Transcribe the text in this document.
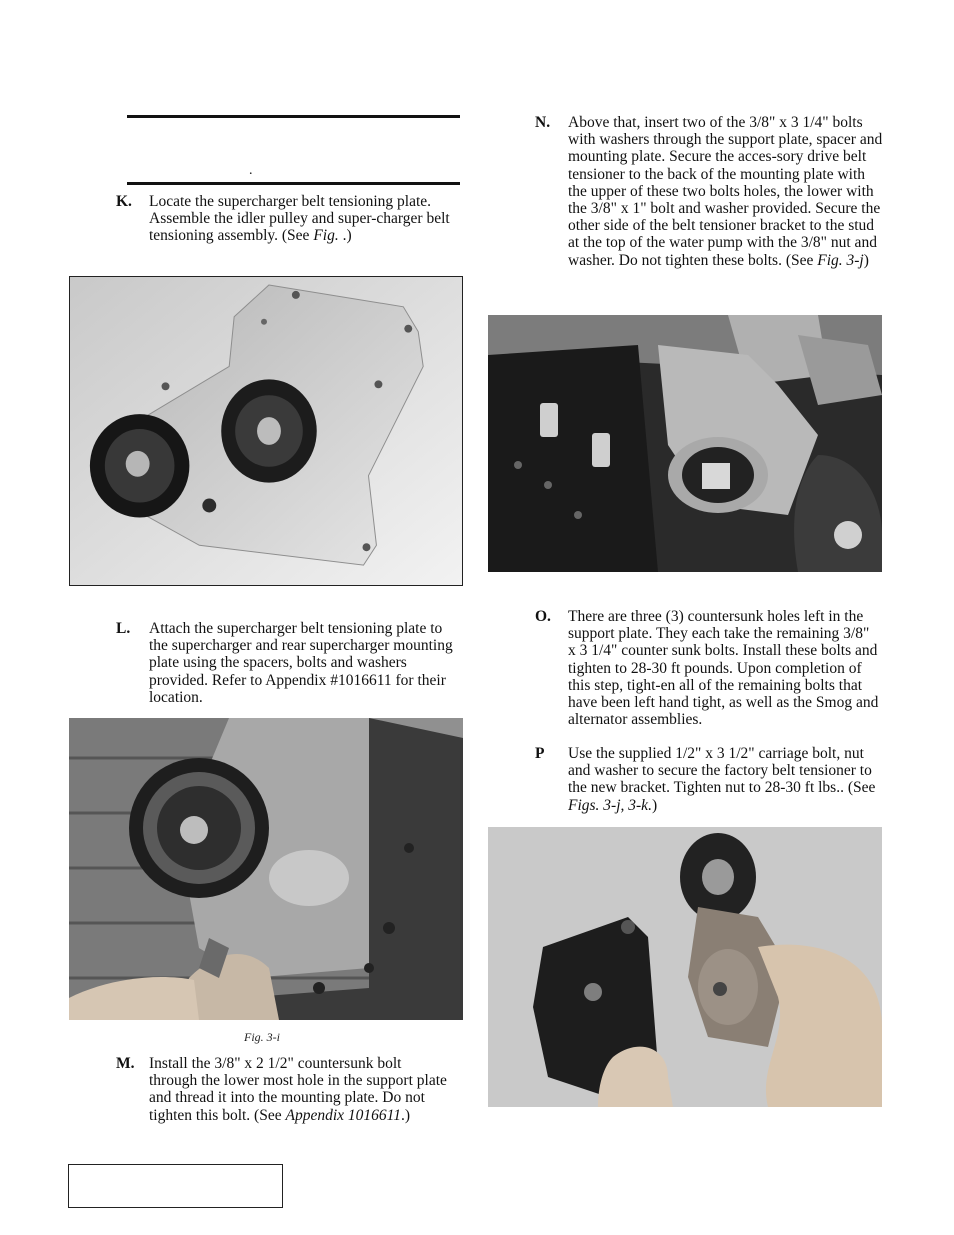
.
K. Locate the supercharger belt tensioning plate. Assemble the idler pulley and super-charger belt tensioning assembly. (See Fig. .)
L. Attach the supercharger belt tensioning plate to the supercharger and rear supercharger mounting plate using the spacers, bolts and washers provided. Refer to Appendix #1016611 for their location.
Fig. 3-i
M. Install the 3/8" x 2 1/2" countersunk bolt through the lower most hole in the support plate and thread it into the mounting plate. Do not tighten this bolt. (See Appendix 1016611.)
N. Above that, insert two of the 3/8" x 3 1/4" bolts with washers through the support plate, spacer and mounting plate. Secure the acces-sory drive belt tensioner to the back of the mounting plate with the upper of these two bolts holes, the lower with the 3/8" x 1" bolt and washer provided. Secure the other side of the belt tensioner bracket to the stud at the top of the water pump with the 3/8" nut and washer. Do not tighten these bolts. (See Fig. 3-j)
O. There are three (3) countersunk holes left in the support plate. They each take the remaining 3/8" x 3 1/4" counter sunk bolts. Install these bolts and tighten to 28-30 ft pounds. Upon completion of this step, tight-en all of the remaining bolts that have been left hand tight, as well as the Smog and alternator assemblies.
P Use the supplied 1/2" x 3 1/2" carriage bolt, nut and washer to secure the factory belt tensioner to the new bracket. Tighten nut to 28-30 ft lbs.. (See Figs. 3-j, 3-k.)
